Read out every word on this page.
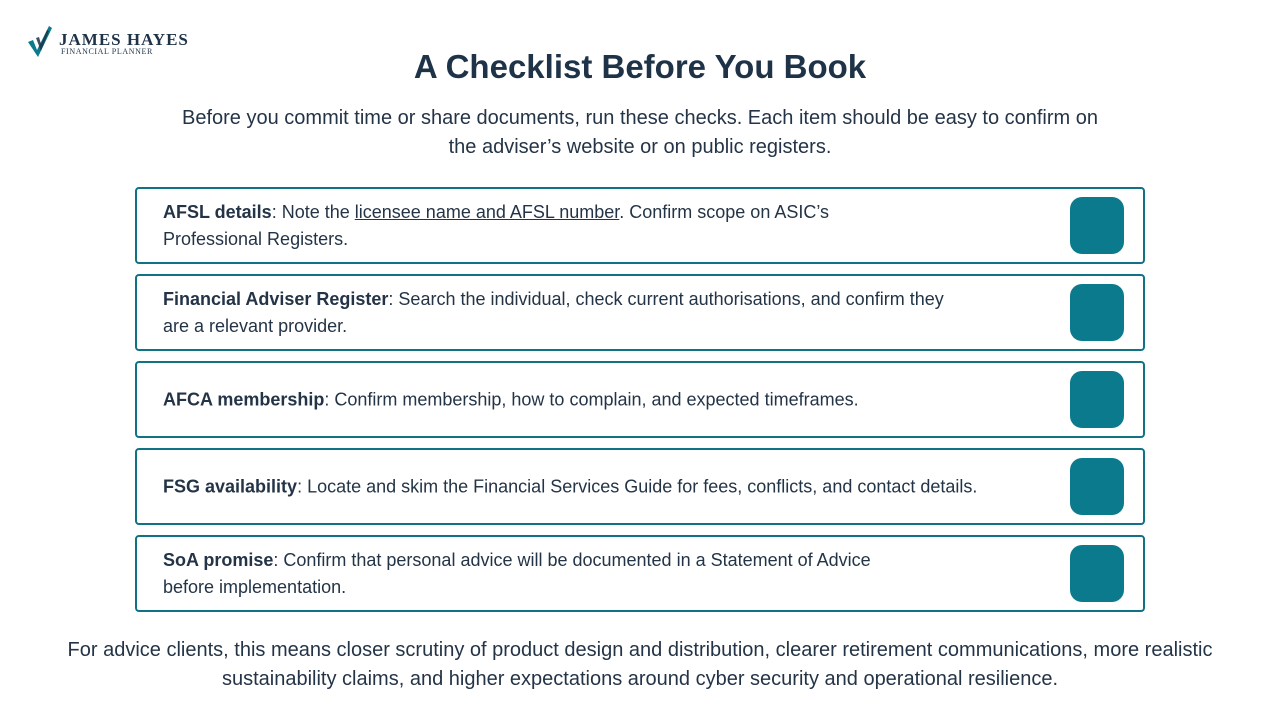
JAMES HAYES
FINANCIAL PLANNER	A Checklist Before You Book

Before you commit time or share documents, run these checks. Each item should be easy to confirm on the adviser’s website or on public registers.

AFSL details: Note the licensee name and AFSL number. Confirm scope on ASIC’s
Professional Registers.
Financial Adviser Register: Search the individual, check current authorisations, and confirm they
are a relevant provider.
AFCA membership: Confirm membership, how to complain, and expected timeframes.
FSG availability: Locate and skim the Financial Services Guide for fees, conflicts, and contact details.
SoA promise: Confirm that personal advice will be documented in a Statement of Advice
before implementation.

For advice clients, this means closer scrutiny of product design and distribution, clearer retirement communications, more realistic sustainability claims, and higher expectations around cyber security and operational resilience.
